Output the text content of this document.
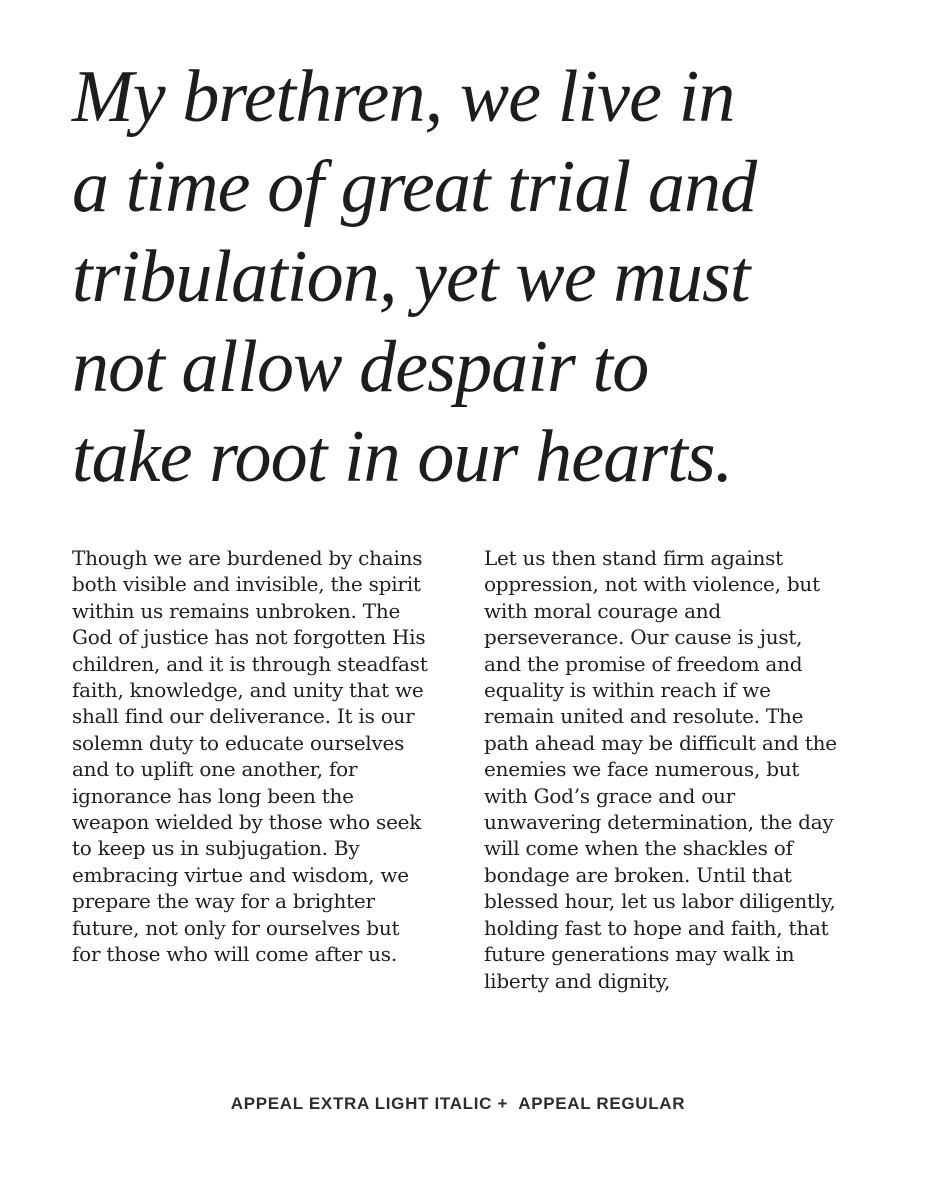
My brethren, we live in
a time of great trial and
tribulation, yet we must
not allow despair to
take root in our hearts.

Though we are burdened by chains both visible and invisible, the spirit within us remains unbroken. The God of justice has not forgotten His children, and it is through steadfast faith, knowledge, and unity that we shall find our deliverance. It is our solemn duty to educate ourselves and to uplift one another, for ignorance has long been the weapon wielded by those who seek to keep us in subjugation. By embracing virtue and wisdom, we prepare the way for a brighter future, not only for ourselves but for those who will come after us.

Let us then stand firm against oppression, not with violence, but with moral courage and perseverance. Our cause is just, and the promise of freedom and equality is within reach if we remain united and resolute. The path ahead may be difficult and the enemies we face numerous, but with God’s grace and our unwavering determination, the day will come when the shackles of bondage are broken. Until that blessed hour, let us labor diligently, holding fast to hope and faith, that future generations may walk in liberty and dignity,

APPEAL EXTRA LIGHT ITALIC +  APPEAL REGULAR
